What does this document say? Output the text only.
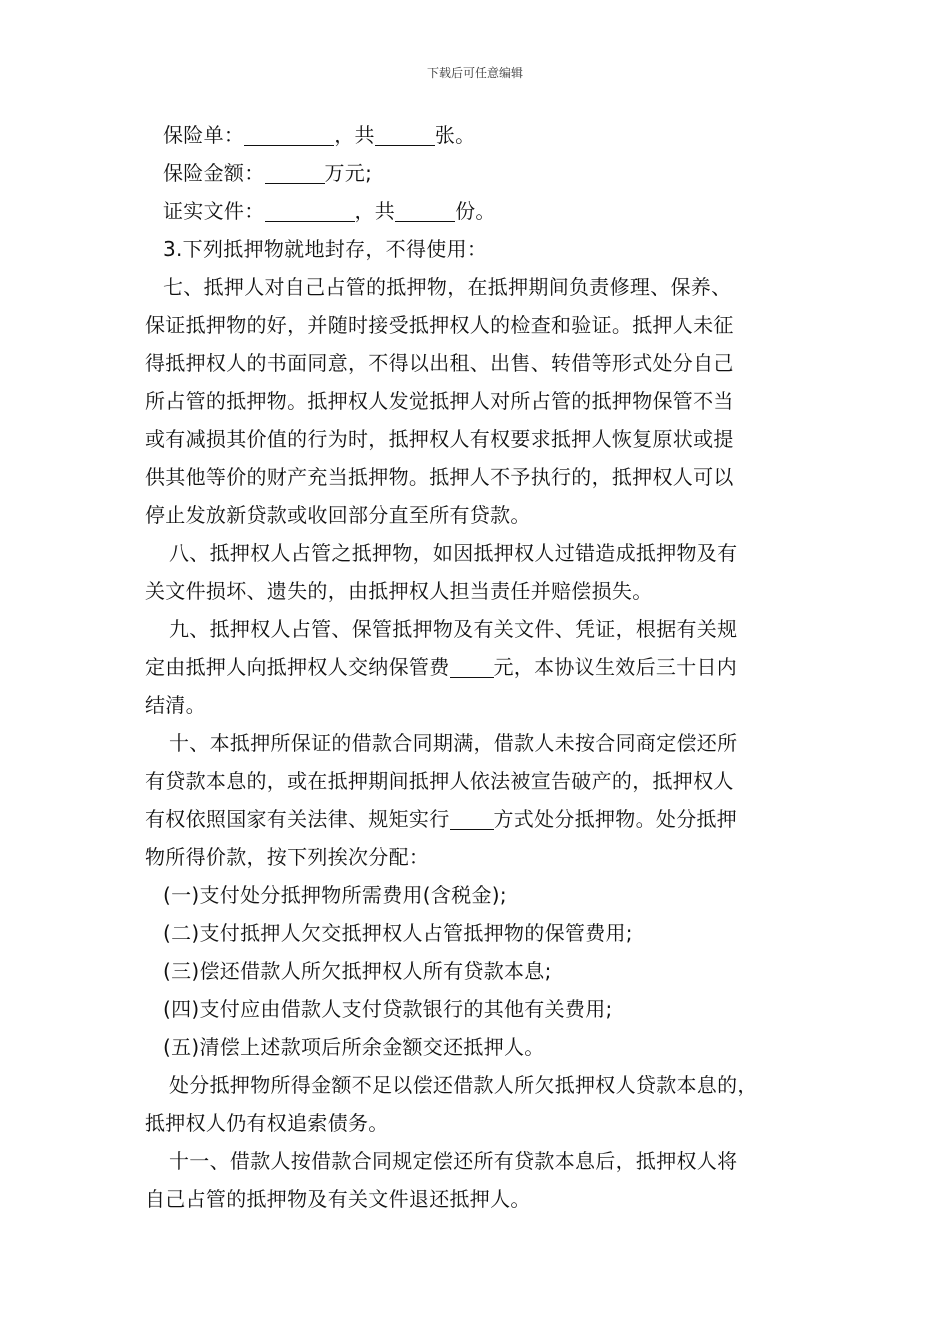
下载后可任意编辑
保险单：	，共	张。
保险金额：	万元;
证实文件：	，共	份。
3.下列抵押物就地封存，不得使用：
七、抵押人对自己占管的抵押物，在抵押期间负责修理、保养、
保证抵押物的好，并随时接受抵押权人的检查和验证。抵押人未征
得抵押权人的书面同意，不得以出租、出售、转借等形式处分自己
所占管的抵押物。抵押权人发觉抵押人对所占管的抵押物保管不当
或有减损其价值的行为时，抵押权人有权要求抵押人恢复原状或提
供其他等价的财产充当抵押物。抵押人不予执行的，抵押权人可以
停止发放新贷款或收回部分直至所有贷款。
八、抵押权人占管之抵押物，如因抵押权人过错造成抵押物及有
关文件损坏、遗失的，由抵押权人担当责任并赔偿损失。
九、抵押权人占管、保管抵押物及有关文件、凭证，根据有关规
定由抵押人向抵押权人交纳保管费 元，本协议生效后三十日内
结清。
十、本抵押所保证的借款合同期满，借款人未按合同商定偿还所
有贷款本息的，或在抵押期间抵押人依法被宣告破产的，抵押权人
有权依照国家有关法律、规矩实行 方式处分抵押物。处分抵押
物所得价款，按下列挨次分配：
(一)支付处分抵押物所需费用(含税金);
(二)支付抵押人欠交抵押权人占管抵押物的保管费用;
(三)偿还借款人所欠抵押权人所有贷款本息;
(四)支付应由借款人支付贷款银行的其他有关费用;
(五)清偿上述款项后所余金额交还抵押人。
处分抵押物所得金额不足以偿还借款人所欠抵押权人贷款本息的，
抵押权人仍有权追索债务。
十一、借款人按借款合同规定偿还所有贷款本息后，抵押权人将
自己占管的抵押物及有关文件退还抵押人。
